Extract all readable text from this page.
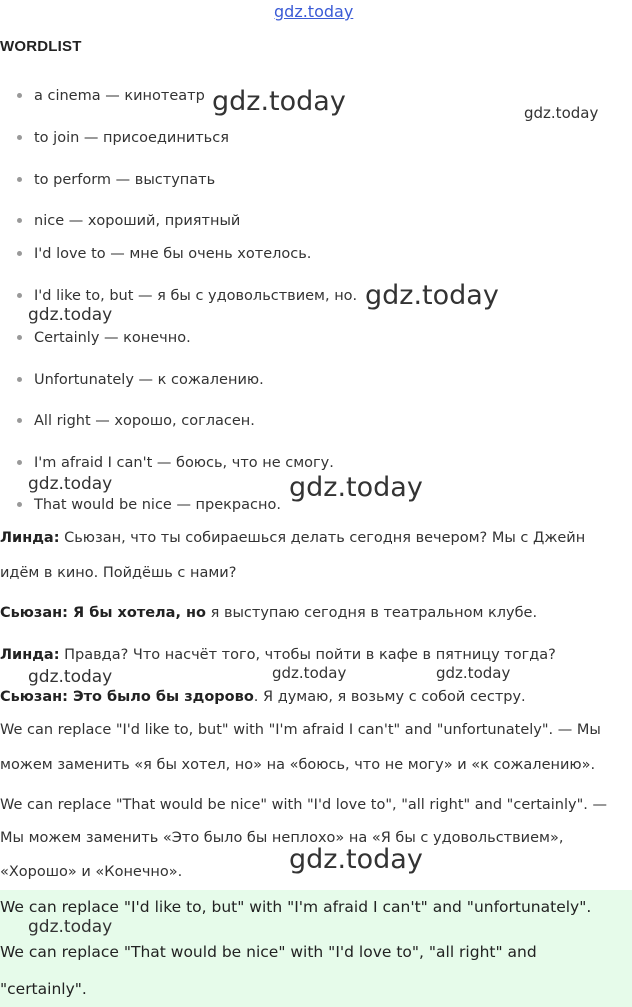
gdz.today
WORDLIST
a cinema — кинотеатр
to join — присоединиться
to perform — выступать
nice — хороший, приятный
I'd love to — мне бы очень хотелось.
I'd like to, but — я бы с удовольствием, но.
Certainly — конечно.
Unfortunately — к сожалению.
All right — хорошо, согласен.
I'm afraid I can't — боюсь, что не смогу.
That would be nice — прекрасно.
Линда: Сьюзан, что ты собираешься делать сегодня вечером? Мы с Джейн
идём в кино. Пойдёшь с нами?
Сьюзан: Я бы хотела, но я выступаю сегодня в театральном клубе.
Линда: Правда? Что насчёт того, чтобы пойти в кафе в пятницу тогда?
Сьюзан: Это было бы здорово. Я думаю, я возьму с собой сестру.
We can replace "I'd like to, but" with "I'm afraid I can't" and "unfortunately". — Мы
можем заменить «я бы хотел, но» на «боюсь, что не могу» и «к сожалению».
We can replace "That would be nice" with "I'd love to", "all right" and "certainly". —
Мы можем заменить «Это было бы неплохо» на «Я бы с удовольствием»,
«Хорошо» и «Конечно».
We can replace "I'd like to, but" with "I'm afraid I can't" and "unfortunately".
We can replace "That would be nice" with "I'd love to", "all right" and
"certainly".
gdz.today	gdz.today
gdz.today
gdz.today
gdz.today	gdz.today
gdz.today	gdz.today
gdz.today
gdz.today
gdz.today
